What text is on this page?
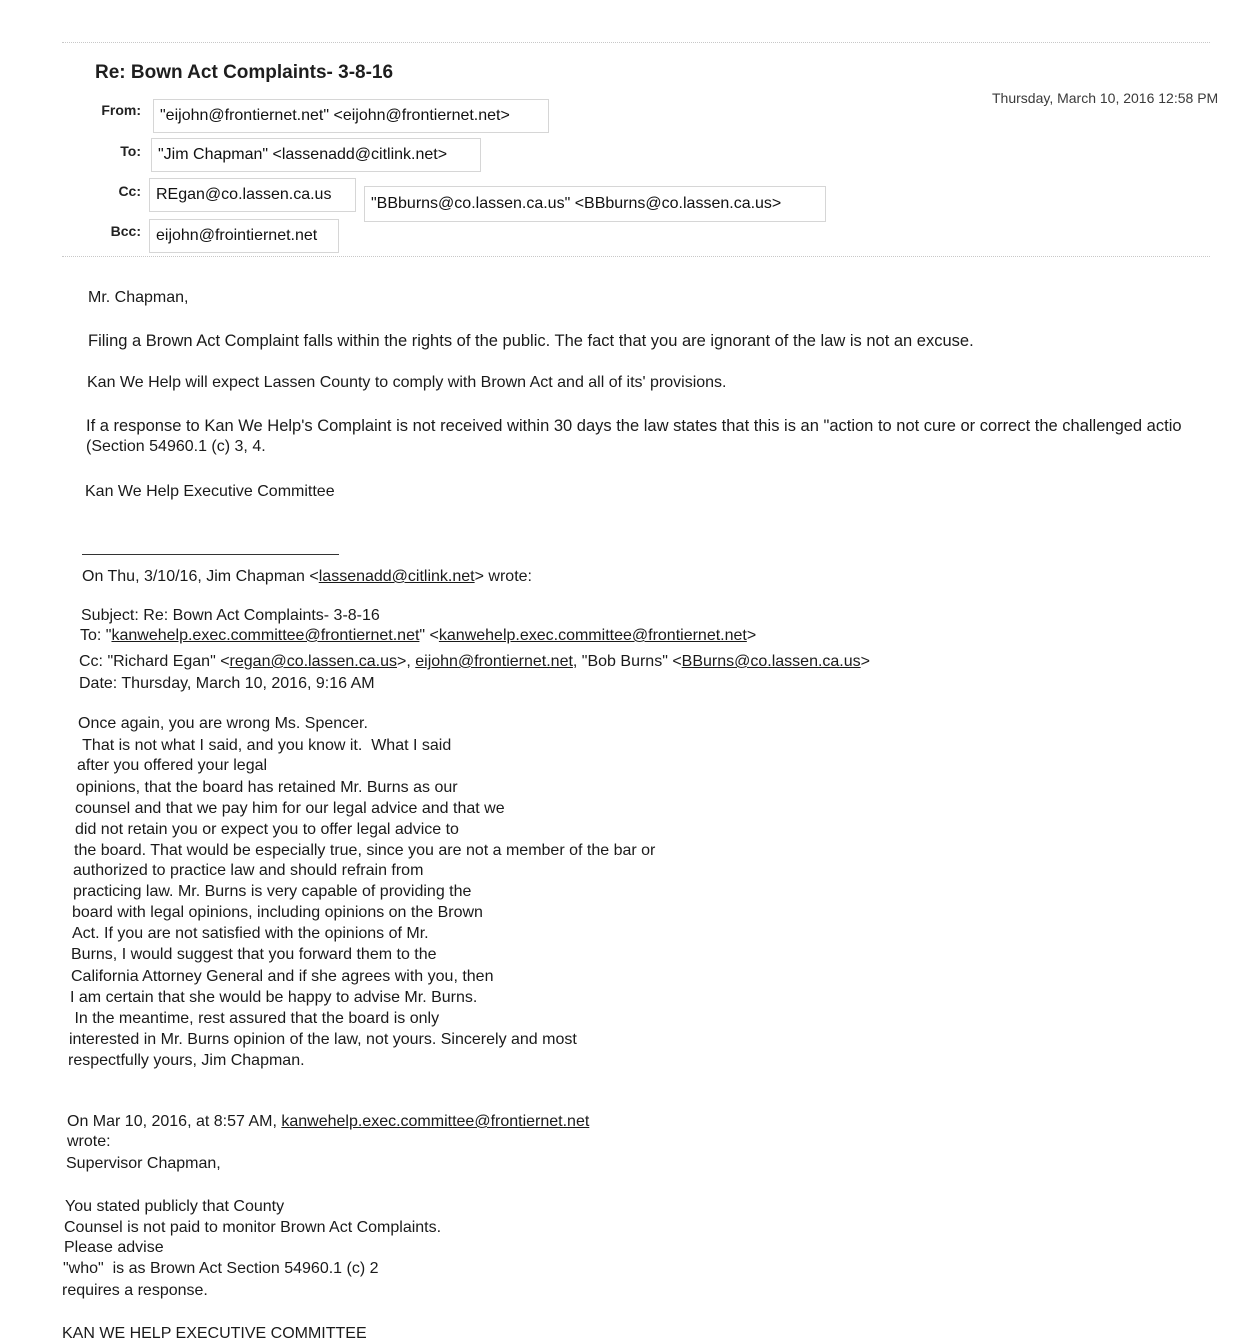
Re: Bown Act Complaints- 3-8-16
Thursday, March 10, 2016 12:58 PM
From:	"eijohn@frontiernet.net" <eijohn@frontiernet.net>
To:	"Jim Chapman" <lassenadd@citlink.net>
Cc: REgan@co.lassen.ca.us
"BBburns@co.lassen.ca.us" <BBburns@co.lassen.ca.us>
Bcc: eijohn@frointiernet.net
Mr. Chapman,
Filing a Brown Act Complaint falls within the rights of the public. The fact that you are ignorant of the law is not an excuse.
Kan We Help will expect Lassen County to comply with Brown Act and all of its' provisions.
If a response to Kan We Help's Complaint is not received within 30 days the law states that this is an "action to not cure or correct the challenged actio
(Section 54960.1 (c) 3, 4.
Kan We Help Executive Committee
On Thu, 3/10/16, Jim Chapman <lassenadd@citlink.net> wrote:
Subject: Re: Bown Act Complaints- 3-8-16
To: "kanwehelp.exec.committee@frontiernet.net" <kanwehelp.exec.committee@frontiernet.net>
Cc: "Richard Egan" <regan@co.lassen.ca.us>, eijohn@frontiernet.net, "Bob Burns" <BBurns@co.lassen.ca.us>
Date: Thursday, March 10, 2016, 9:16 AM
Once again, you are wrong Ms. Spencer.
That is not what I said, and you know it.  What I said
after you offered your legal
opinions, that the board has retained Mr. Burns as our
counsel and that we pay him for our legal advice and that we
did not retain you or expect you to offer legal advice to
the board. That would be especially true, since you are not a member of the bar or
authorized to practice law and should refrain from
practicing law. Mr. Burns is very capable of providing the
board with legal opinions, including opinions on the Brown
Act. If you are not satisfied with the opinions of Mr.
Burns, I would suggest that you forward them to the
California Attorney General and if she agrees with you, then
I am certain that she would be happy to advise Mr. Burns.
In the meantime, rest assured that the board is only
interested in Mr. Burns opinion of the law, not yours. Sincerely and most
respectfully yours, Jim Chapman.
On Mar 10, 2016, at 8:57 AM, kanwehelp.exec.committee@frontiernet.net
wrote:
Supervisor Chapman,
You stated publicly that County
Counsel is not paid to monitor Brown Act Complaints.
Please advise
"who"  is as Brown Act Section 54960.1 (c) 2
requires a response.
KAN WE HELP EXECUTIVE COMMITTEE
